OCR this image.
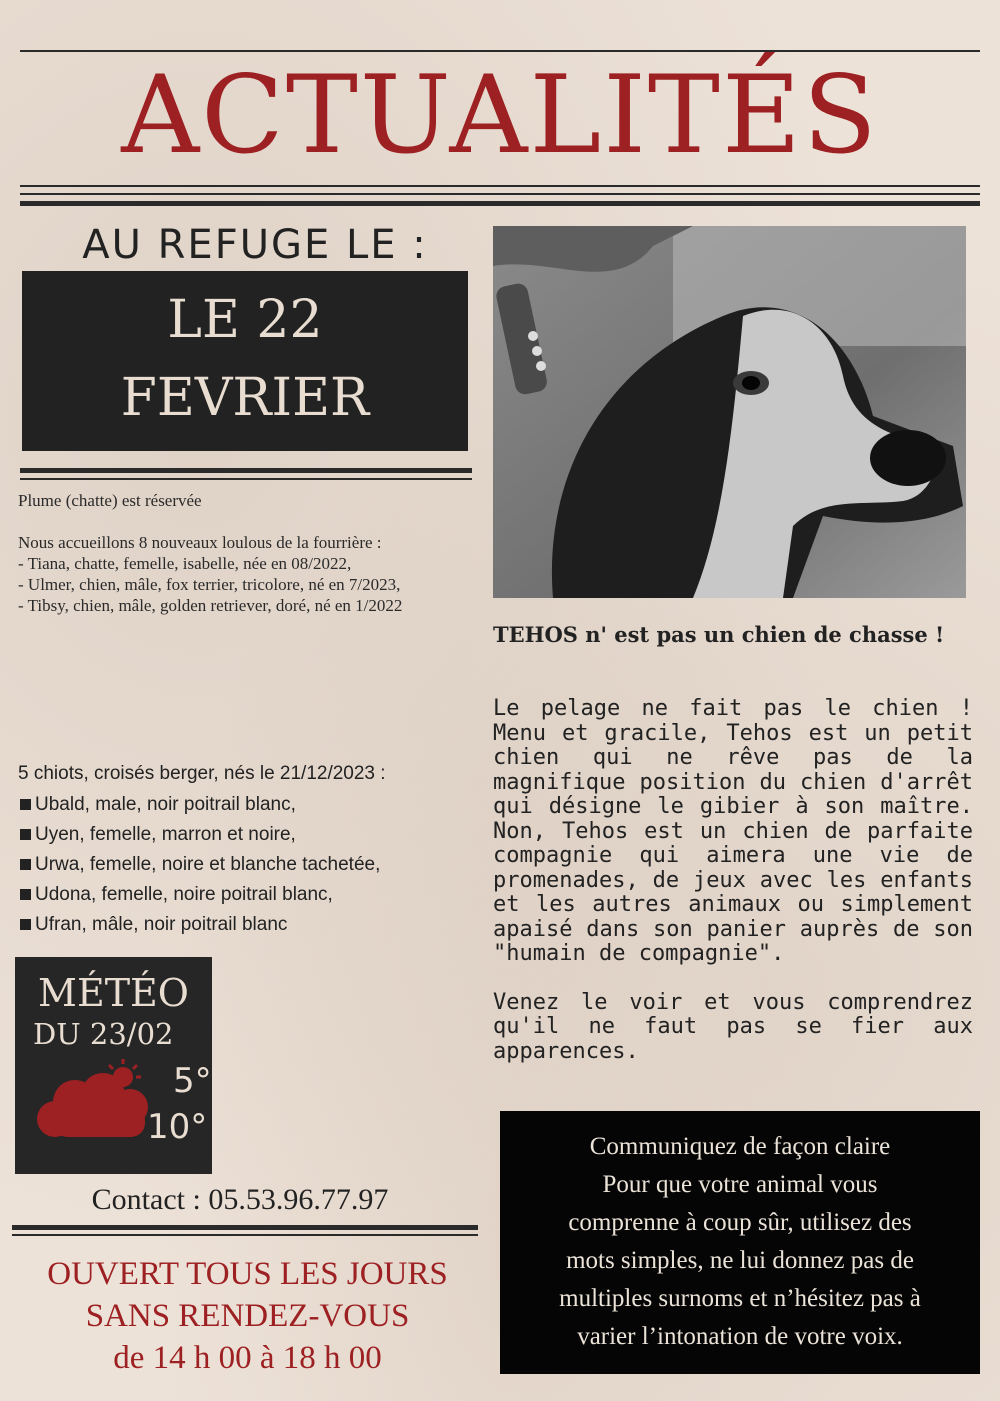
ACTUALITÉS
AU REFUGE LE :
LE 22
FEVRIER

Plume (chatte) est réservée

Nous accueillons 8 nouveaux loulous de la fourrière :
- Tiana, chatte, femelle, isabelle, née en 08/2022,
- Ulmer, chien, mâle, fox terrier, tricolore, né en 7/2023,
- Tibsy, chien, mâle, golden retriever, doré, né en 1/2022

5 chiots, croisés berger, nés le 21/12/2023 :
Ubald, male, noir poitrail blanc,
Uyen, femelle, marron et noire,
Urwa, femelle, noire et blanche tachetée,
Udona, femelle, noire poitrail blanc,
Ufran, mâle, noir poitrail blanc
MÉTÉO
DU 23/02
5°
10°
Contact : 05.53.96.77.97
OUVERT TOUS LES JOURS
SANS RENDEZ-VOUS
de 14 h 00 à 18 h 00
TEHOS n' est pas un chien de chasse !

Le pelage ne fait pas le chien ! Menu et gracile, Tehos est un petit chien qui ne rêve pas de la magnifique position du chien d'arrêt qui désigne le gibier à son maître. Non, Tehos est un chien de parfaite compagnie qui aimera une vie de promenades, de jeux avec les enfants et les autres animaux ou simplement apaisé dans son panier auprès de son "humain de compagnie".

Venez le voir et vous comprendrez qu'il ne faut pas se fier aux apparences.

Communiquez de façon claire
Pour que votre animal vous
comprenne à coup sûr, utilisez des
mots simples, ne lui donnez pas de
multiples surnoms et n’hésitez pas à
varier l’intonation de votre voix.
